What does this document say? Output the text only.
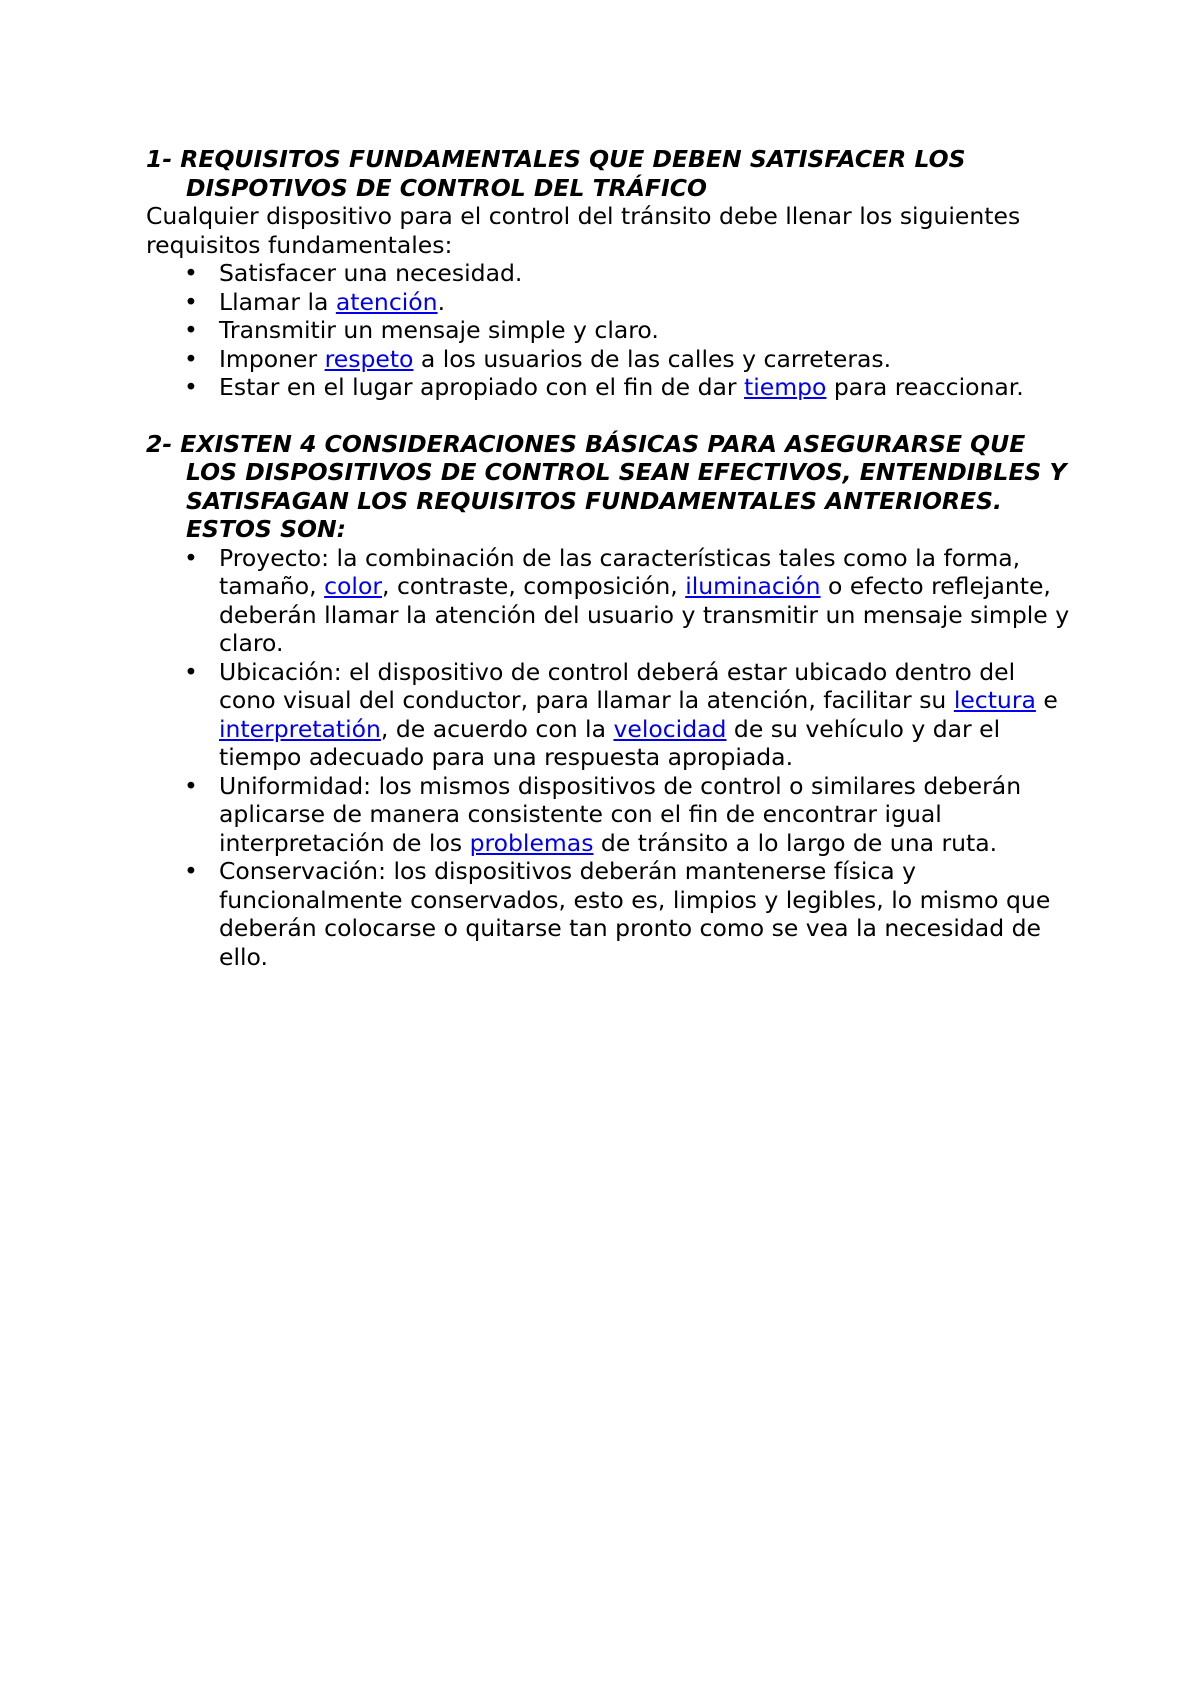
1- REQUISITOS FUNDAMENTALES QUE DEBEN SATISFACER LOS DISPOTIVOS DE CONTROL DEL TRÁFICO

Cualquier dispositivo para el control del tránsito debe llenar los siguientes requisitos fundamentales:

• Satisfacer una necesidad.
• Llamar la atención.
• Transmitir un mensaje simple y claro.
• Imponer respeto a los usuarios de las calles y carreteras.
• Estar en el lugar apropiado con el fin de dar tiempo para reaccionar.

2- EXISTEN 4 CONSIDERACIONES BÁSICAS PARA ASEGURARSE QUE LOS DISPOSITIVOS DE CONTROL SEAN EFECTIVOS, ENTENDIBLES Y SATISFAGAN LOS REQUISITOS FUNDAMENTALES ANTERIORES. ESTOS SON:

• Proyecto: la combinación de las características tales como la forma, tamaño, color, contraste, composición, iluminación o efecto reflejante, deberán llamar la atención del usuario y transmitir un mensaje simple y claro.
• Ubicación: el dispositivo de control deberá estar ubicado dentro del cono visual del conductor, para llamar la atención, facilitar su lectura e interpretatión, de acuerdo con la velocidad de su vehículo y dar el tiempo adecuado para una respuesta apropiada.
• Uniformidad: los mismos dispositivos de control o similares deberán aplicarse de manera consistente con el fin de encontrar igual interpretación de los problemas de tránsito a lo largo de una ruta.
• Conservación: los dispositivos deberán mantenerse física y funcionalmente conservados, esto es, limpios y legibles, lo mismo que deberán colocarse o quitarse tan pronto como se vea la necesidad de ello.
